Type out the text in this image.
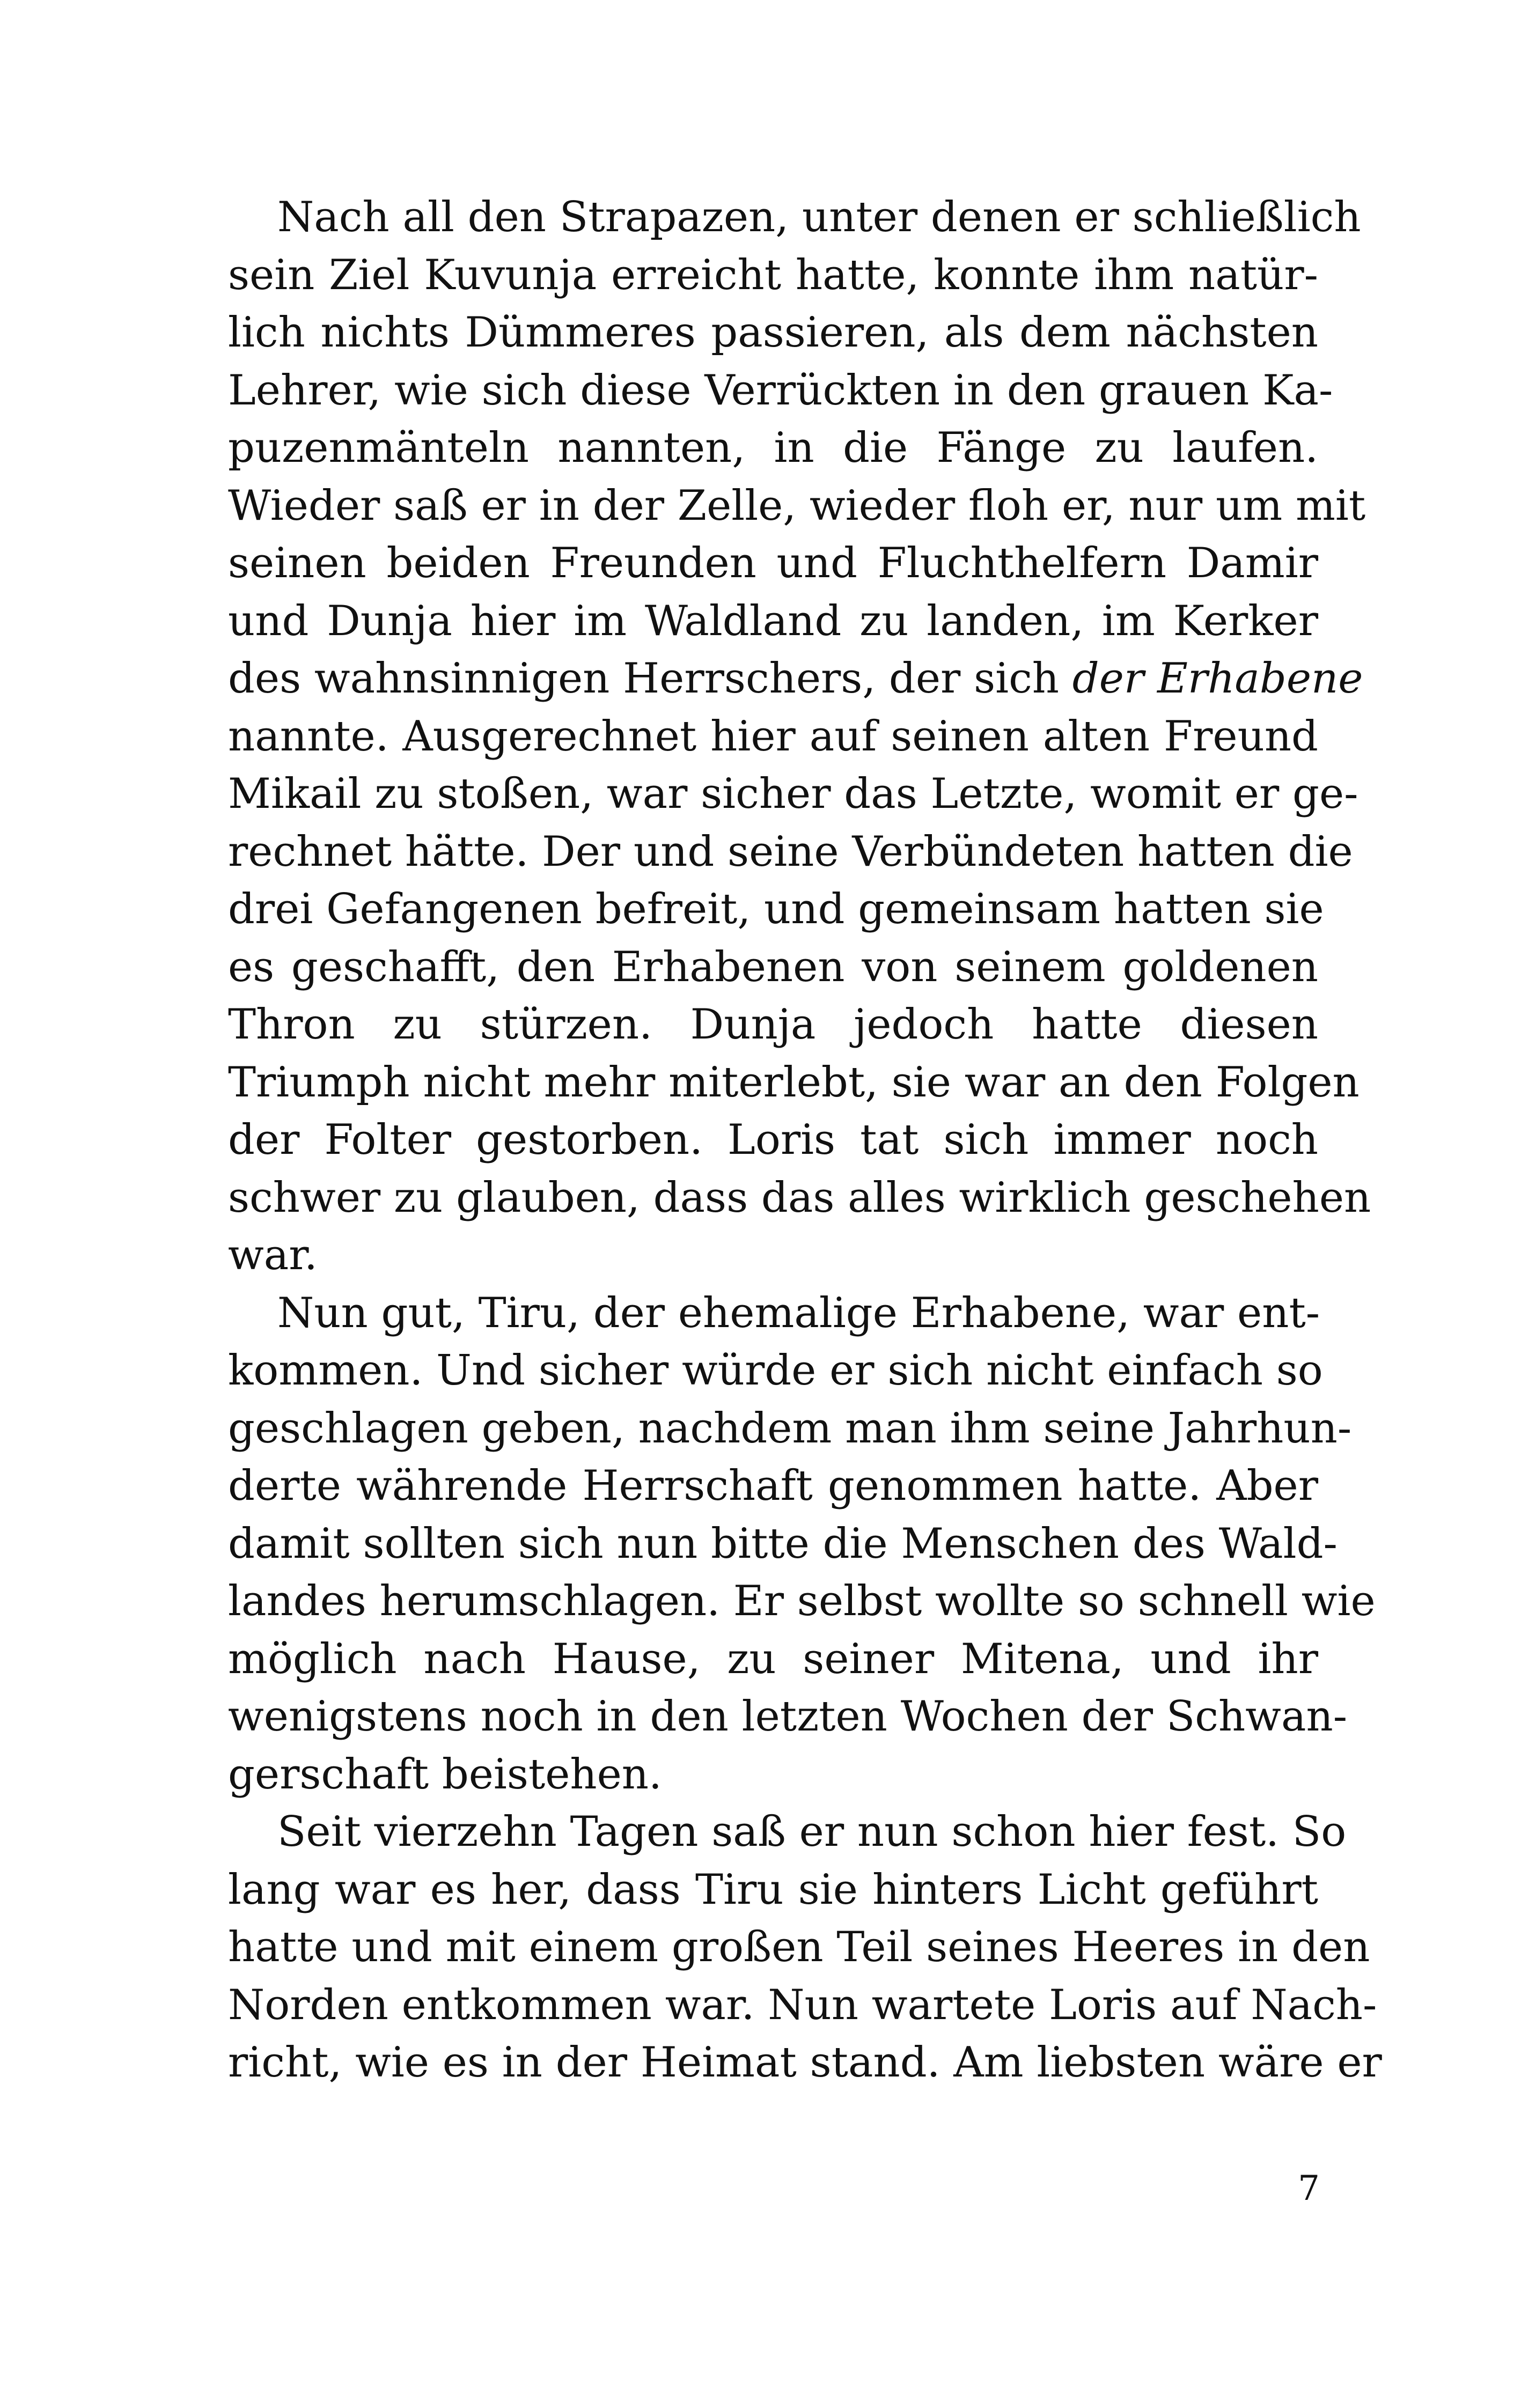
Nach all den Strapazen, unter denen er schließlich
sein Ziel Kuvunja erreicht hatte, konnte ihm natür-
lich nichts Dümmeres passieren, als dem nächsten
Lehrer, wie sich diese Verrückten in den grauen Ka-
puzenmänteln nannten, in die Fänge zu laufen.
Wieder saß er in der Zelle, wieder floh er, nur um mit
seinen beiden Freunden und Fluchthelfern Damir
und Dunja hier im Waldland zu landen, im Kerker
des wahnsinnigen Herrschers, der sich der Erhabene
nannte. Ausgerechnet hier auf seinen alten Freund
Mikail zu stoßen, war sicher das Letzte, womit er ge-
rechnet hätte. Der und seine Verbündeten hatten die
drei Gefangenen befreit, und gemeinsam hatten sie
es geschafft, den Erhabenen von seinem goldenen
Thron zu stürzen. Dunja jedoch hatte diesen
Triumph nicht mehr miterlebt, sie war an den Folgen
der Folter gestorben. Loris tat sich immer noch
schwer zu glauben, dass das alles wirklich geschehen
war.
Nun gut, Tiru, der ehemalige Erhabene, war ent-
kommen. Und sicher würde er sich nicht einfach so
geschlagen geben, nachdem man ihm seine Jahrhun-
derte währende Herrschaft genommen hatte. Aber
damit sollten sich nun bitte die Menschen des Wald-
landes herumschlagen. Er selbst wollte so schnell wie
möglich nach Hause, zu seiner Mitena, und ihr
wenigstens noch in den letzten Wochen der Schwan-
gerschaft beistehen.
Seit vierzehn Tagen saß er nun schon hier fest. So
lang war es her, dass Tiru sie hinters Licht geführt
hatte und mit einem großen Teil seines Heeres in den
Norden entkommen war. Nun wartete Loris auf Nach-
richt, wie es in der Heimat stand. Am liebsten wäre er
7
